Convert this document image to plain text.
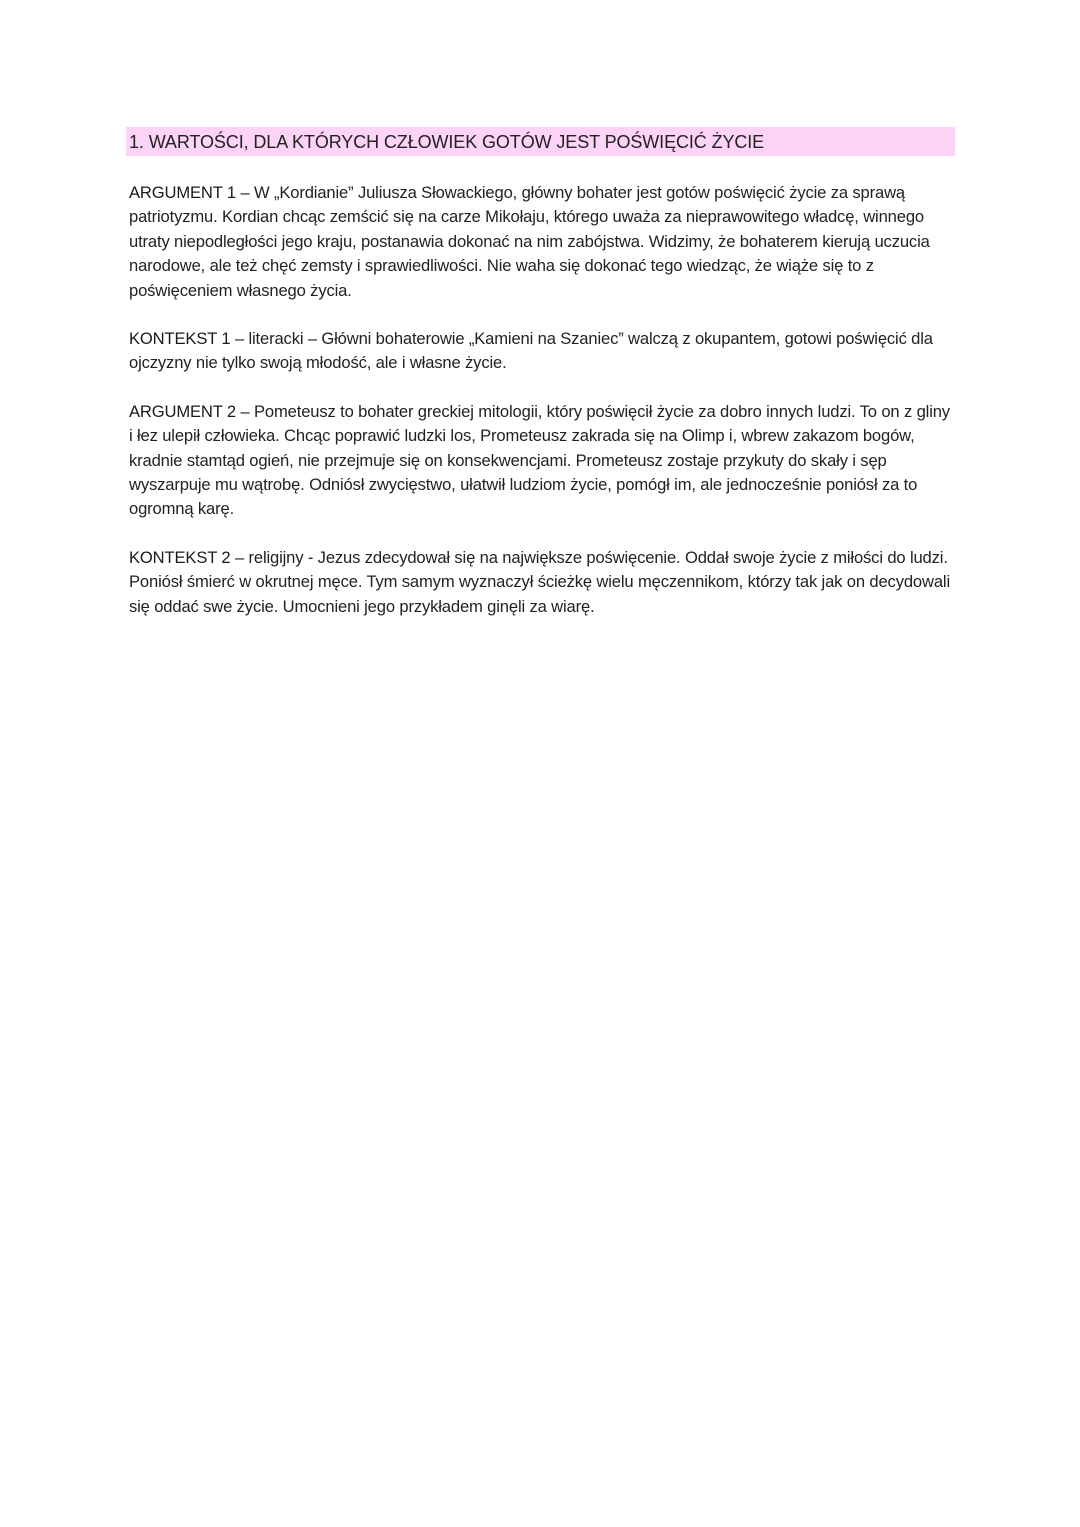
1. WARTOŚCI, DLA KTÓRYCH CZŁOWIEK GOTÓW JEST POŚWIĘCIĆ ŻYCIE

ARGUMENT 1 – W „Kordianie” Juliusza Słowackiego, główny bohater jest gotów poświęcić życie za sprawą patriotyzmu. Kordian chcąc zemścić się na carze Mikołaju, którego uważa za nieprawowitego władcę, winnego utraty niepodległości jego kraju, postanawia dokonać na nim zabójstwa. Widzimy, że bohaterem kierują uczucia narodowe, ale też chęć zemsty i sprawiedliwości. Nie waha się dokonać tego wiedząc, że wiąże się to z poświęceniem własnego życia.

KONTEKST 1 – literacki – Główni bohaterowie „Kamieni na Szaniec” walczą z okupantem, gotowi poświęcić dla ojczyzny nie tylko swoją młodość, ale i własne życie.

ARGUMENT 2 – Pometeusz to bohater greckiej mitologii, który poświęcił życie za dobro innych ludzi. To on z gliny i łez ulepił człowieka. Chcąc poprawić ludzki los, Prometeusz zakrada się na Olimp i, wbrew zakazom bogów, kradnie stamtąd ogień, nie przejmuje się on konsekwencjami. Prometeusz zostaje przykuty do skały i sęp wyszarpuje mu wątrobę. Odniósł zwycięstwo, ułatwił ludziom życie, pomógł im, ale jednocześnie poniósł za to ogromną karę.

KONTEKST 2 – religijny - Jezus zdecydował się na największe poświęcenie. Oddał swoje życie z miłości do ludzi. Poniósł śmierć w okrutnej męce. Tym samym wyznaczył ścieżkę wielu męczennikom, którzy tak jak on decydowali się oddać swe życie. Umocnieni jego przykładem ginęli za wiarę.
